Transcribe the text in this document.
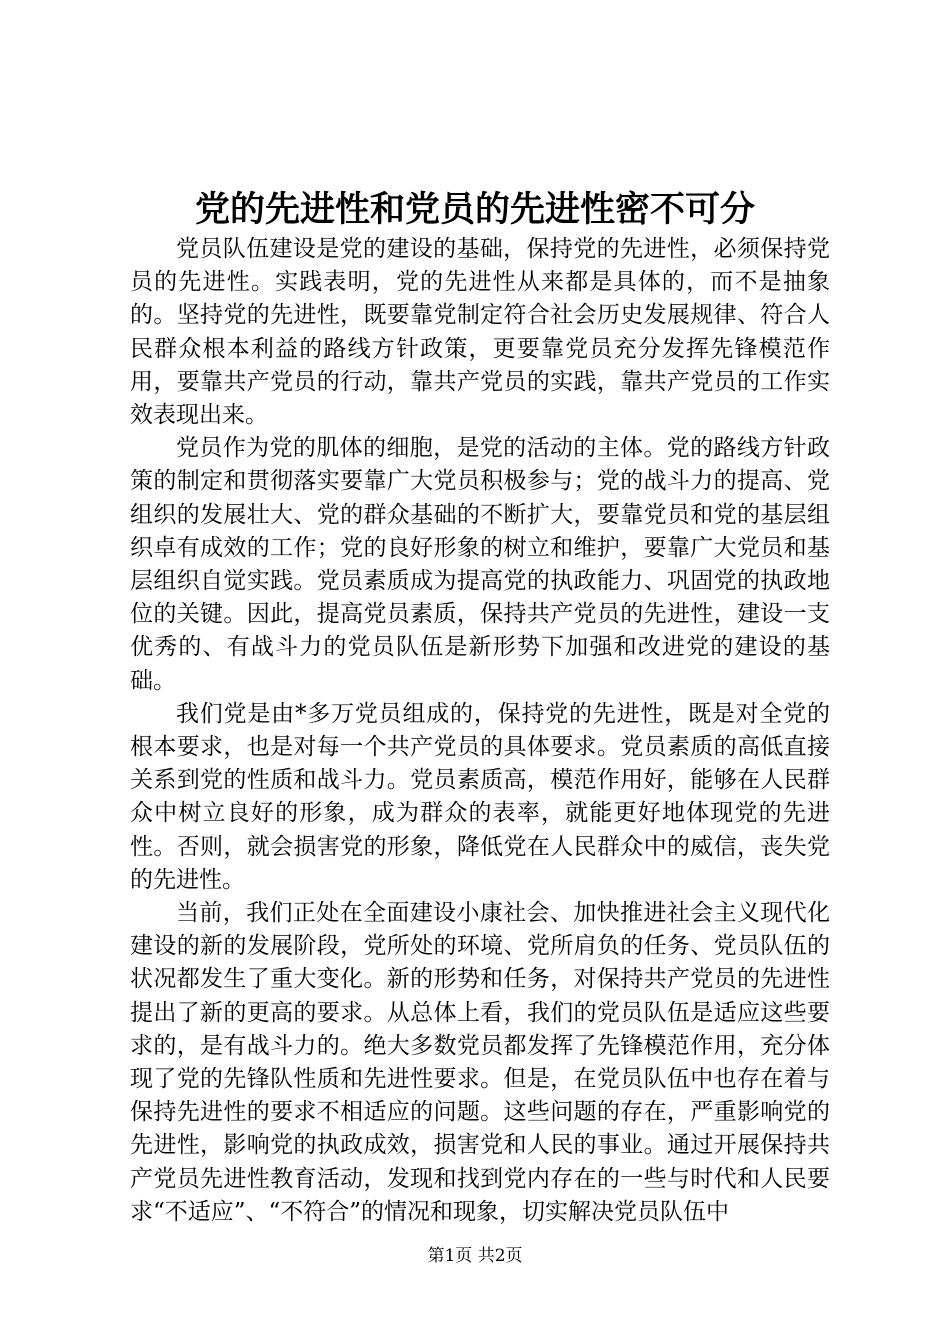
党的先进性和党员的先进性密不可分

党员队伍建设是党的建设的基础，保持党的先进性，必须保持党员的先进性。实践表明，党的先进性从来都是具体的，而不是抽象的。坚持党的先进性，既要靠党制定符合社会历史发展规律、符合人民群众根本利益的路线方针政策，更要靠党员充分发挥先锋模范作用，要靠共产党员的行动，靠共产党员的实践，靠共产党员的工作实效表现出来。

党员作为党的肌体的细胞，是党的活动的主体。党的路线方针政策的制定和贯彻落实要靠广大党员积极参与；党的战斗力的提高、党组织的发展壮大、党的群众基础的不断扩大，要靠党员和党的基层组织卓有成效的工作；党的良好形象的树立和维护，要靠广大党员和基层组织自觉实践。党员素质成为提高党的执政能力、巩固党的执政地位的关键。因此，提高党员素质，保持共产党员的先进性，建设一支优秀的、有战斗力的党员队伍是新形势下加强和改进党的建设的基础。

我们党是由*多万党员组成的，保持党的先进性，既是对全党的根本要求，也是对每一个共产党员的具体要求。党员素质的高低直接关系到党的性质和战斗力。党员素质高，模范作用好，能够在人民群众中树立良好的形象，成为群众的表率，就能更好地体现党的先进性。否则，就会损害党的形象，降低党在人民群众中的威信，丧失党的先进性。

当前，我们正处在全面建设小康社会、加快推进社会主义现代化建设的新的发展阶段，党所处的环境、党所肩负的任务、党员队伍的状况都发生了重大变化。新的形势和任务，对保持共产党员的先进性提出了新的更高的要求。从总体上看，我们的党员队伍是适应这些要求的，是有战斗力的。绝大多数党员都发挥了先锋模范作用，充分体现了党的先锋队性质和先进性要求。但是，在党员队伍中也存在着与保持先进性的要求不相适应的问题。这些问题的存在，严重影响党的先进性，影响党的执政成效，损害党和人民的事业。通过开展保持共产党员先进性教育活动，发现和找到党内存在的一些与时代和人民要求“不适应”、“不符合”的情况和现象，切实解决党员队伍中

第1页 共2页
